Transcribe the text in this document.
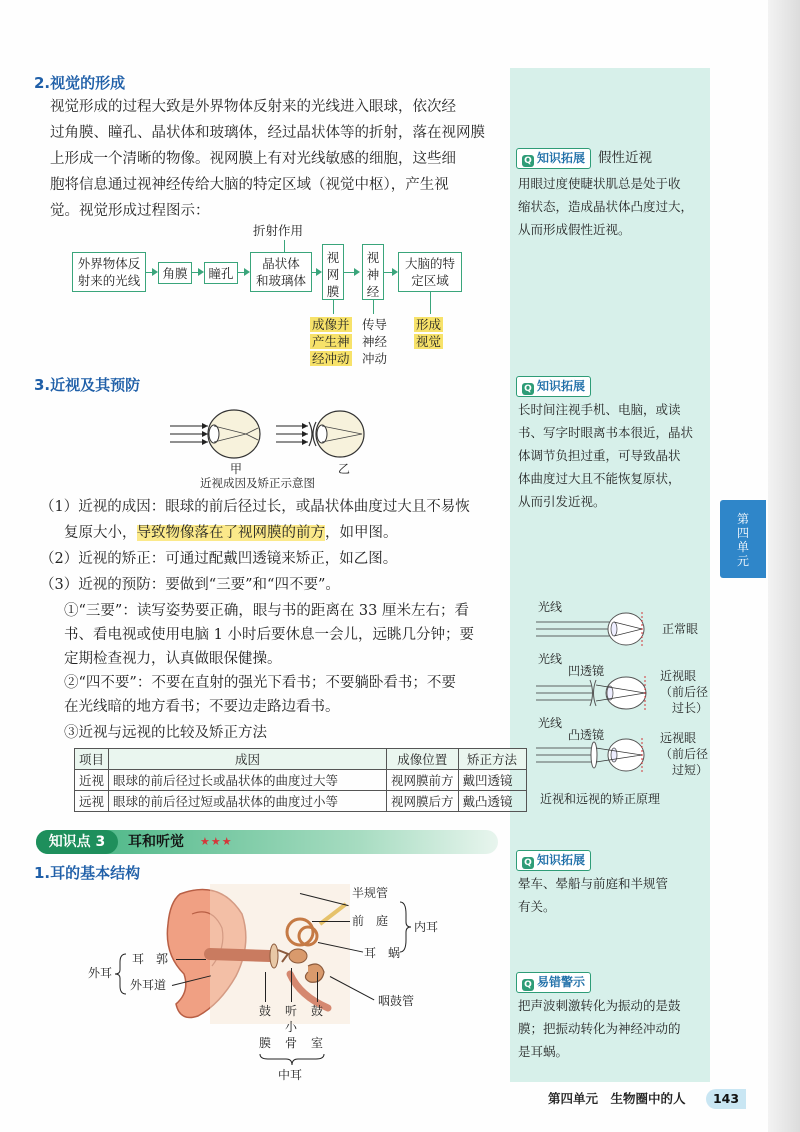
2.视觉的形成
视觉形成的过程大致是外界物体反射来的光线进入眼球，依次经
过角膜、瞳孔、晶状体和玻璃体，经过晶状体等的折射，落在视网膜
上形成一个清晰的物像。视网膜上有对光线敏感的细胞，这些细
胞将信息通过视神经传给大脑的特定区域（视觉中枢），产生视
觉。视觉形成过程图示：
折射作用
外界物体反
射来的光线	角膜	瞳孔
晶状体
和玻璃体
视
网
膜
视
神
经
大脑的特
定区域
成像并
产生神
经冲动
传导
神经
冲动
形成
视觉
3.近视及其预防
甲	乙
近视成因及矫正示意图
（1）近视的成因：眼球的前后径过长，或晶状体曲度过大且不易恢
复原大小，导致物像落在了视网膜的前方，如甲图。
（2）近视的矫正：可通过配戴凹透镜来矫正，如乙图。
（3）近视的预防：要做到“三要”和“四不要”。
①“三要”：读写姿势要正确，眼与书的距离在 33 厘米左右；看
书、看电视或使用电脑 1 小时后要休息一会儿，远眺几分钟；要
定期检查视力，认真做眼保健操。
②“四不要”：不要在直射的强光下看书；不要躺卧看书；不要
在光线暗的地方看书；不要边走路边看书。
③近视与远视的比较及矫正方法
项目	成因	成像位置	矫正方法
近视	眼球的前后径过长或晶状体的曲度过大等	视网膜前方	戴凹透镜
远视	眼球的前后径过短或晶状体的曲度过小等	视网膜后方	戴凸透镜
知识点 3	耳和听觉 ★★★
1.耳的基本结构
半规管
前　庭
耳　蜗
内耳
咽鼓管
耳　郭
外耳道
外耳
鼓
膜
听
小
骨
鼓
室
中耳
Q 知识拓展 假性近视
用眼过度使睫状肌总是处于收
缩状态，造成晶状体凸度过大，
从而形成假性近视。
Q 知识拓展
长时间注视手机、电脑，或读
书、写字时眼离书本很近，晶状
体调节负担过重，可导致晶状
体曲度过大且不能恢复原状，
从而引发近视。
光线
正常眼
光线
凹透镜	近视眼
（前后径
过长）
光线
凸透镜	远视眼
（前后径
过短）
近视和远视的矫正原理
Q 知识拓展
晕车、晕船与前庭和半规管
有关。
Q 易错警示
把声波刺激转化为振动的是鼓
膜；把振动转化为神经冲动的
是耳蜗。
第
四
单
元
第四单元　生物圈中的人	143
